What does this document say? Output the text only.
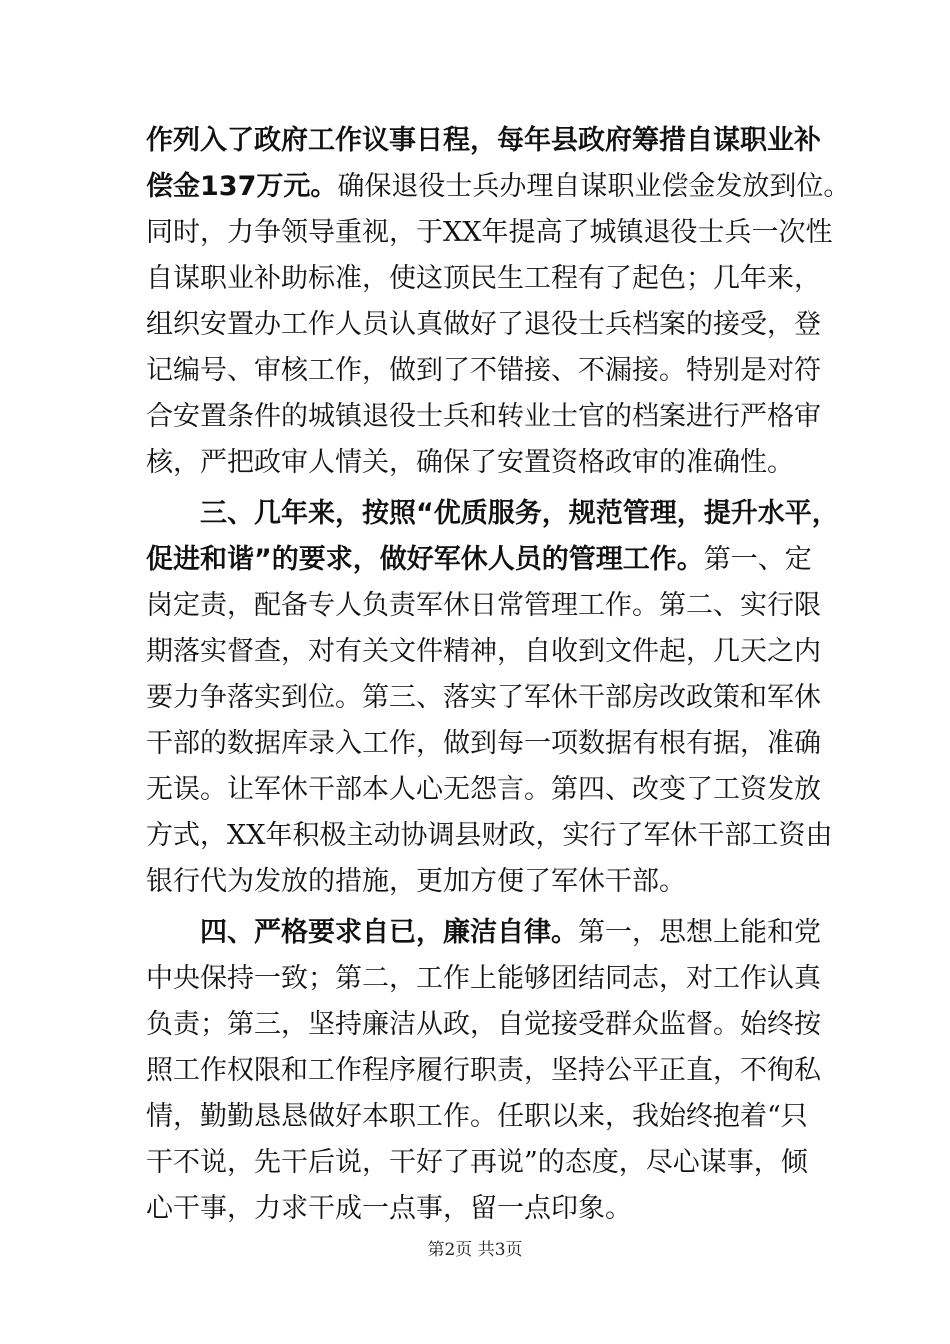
作列入了政府工作议事日程，每年县政府筹措自谋职业补
偿金137万元。确保退役士兵办理自谋职业偿金发放到位。
同时，力争领导重视，于XX年提高了城镇退役士兵一次性
自谋职业补助标准，使这顶民生工程有了起色；几年来，
组织安置办工作人员认真做好了退役士兵档案的接受，登
记编号、审核工作，做到了不错接、不漏接。特别是对符
合安置条件的城镇退役士兵和转业士官的档案进行严格审
核，严把政审人情关，确保了安置资格政审的准确性。
三、几年来，按照“优质服务，规范管理，提升水平，
促进和谐”的要求，做好军休人员的管理工作。第一、定
岗定责，配备专人负责军休日常管理工作。第二、实行限
期落实督查，对有关文件精神，自收到文件起，几天之内
要力争落实到位。第三、落实了军休干部房改政策和军休
干部的数据库录入工作，做到每一项数据有根有据，准确
无误。让军休干部本人心无怨言。第四、改变了工资发放
方式，XX年积极主动协调县财政，实行了军休干部工资由
银行代为发放的措施，更加方便了军休干部。
四、严格要求自已，廉洁自律。第一，思想上能和党
中央保持一致；第二，工作上能够团结同志，对工作认真
负责；第三，坚持廉洁从政，自觉接受群众监督。始终按
照工作权限和工作程序履行职责，坚持公平正直，不徇私
情，勤勤恳恳做好本职工作。任职以来，我始终抱着“只
干不说，先干后说，干好了再说”的态度，尽心谋事，倾
心干事，力求干成一点事，留一点印象。
第2页 共3页
